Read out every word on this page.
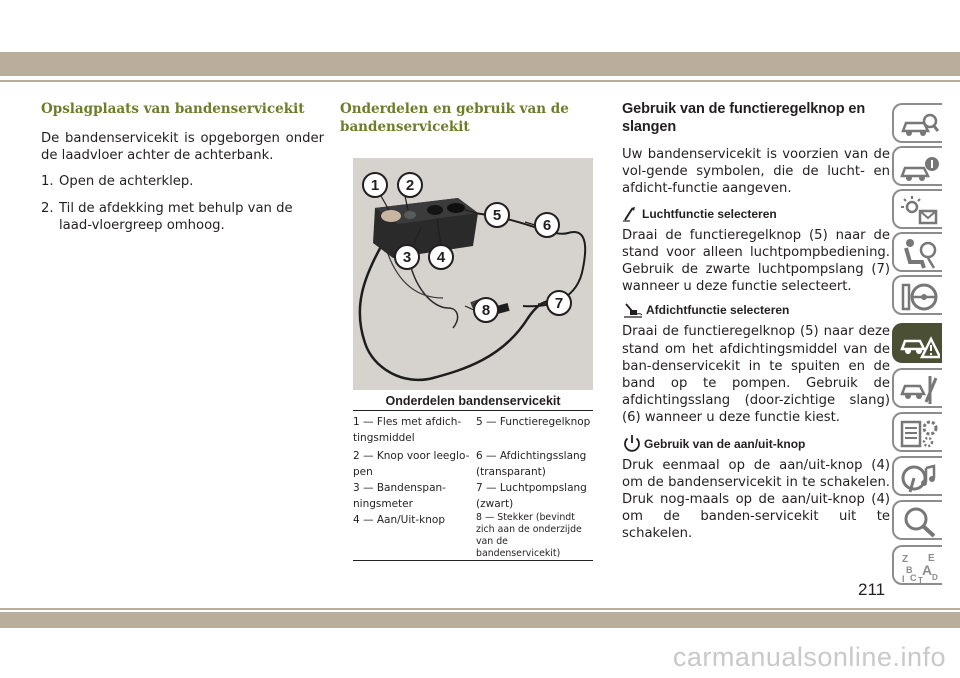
Opslagplaats van bandenservicekit
De bandenservicekit is opgeborgen onder de laadvloer achter de achterbank.
1. Open de achterklep.
2. Til de afdekking met behulp van de laad-vloergreep omhoog.
Onderdelen en gebruik van de bandenservicekit
1 2
3 4
5
6
7
8
Onderdelen bandenservicekit
1 — Fles met afdich-tingsmiddel
5 — Functieregelknop
2 — Knop voor leeglo-pen
6 — Afdichtingsslang (transparant)
3 — Bandenspan-ningsmeter
7 — Luchtpompslang (zwart)
4 — Aan/Uit-knop	8 — Stekker (bevindt zich aan de onderzijde van de bandenservicekit)
Gebruik van de functieregelknop en slangen
Uw bandenservicekit is voorzien van de vol-gende symbolen, die de lucht- en afdicht-functie aangeven.
Luchtfunctie selecteren
Draai de functieregelknop (5) naar de stand voor alleen luchtpompbediening. Gebruik de zwarte luchtpompslang (7) wanneer u deze functie selecteert.
Afdichtfunctie selecteren
Draai de functieregelknop (5) naar deze stand om het afdichtingsmiddel van de ban-denservicekit in te spuiten en de band op te pompen. Gebruik de afdichtingsslang (door-zichtige slang) (6) wanneer u deze functie kiest.
Gebruik van de aan/uit-knop
Druk eenmaal op de aan/uit-knop (4) om de bandenservicekit in te schakelen. Druk nog-maals op de aan/uit-knop (4) om de banden-servicekit uit te schakelen.
Z E
B A
I C D
T
211
carmanualsonline.info
